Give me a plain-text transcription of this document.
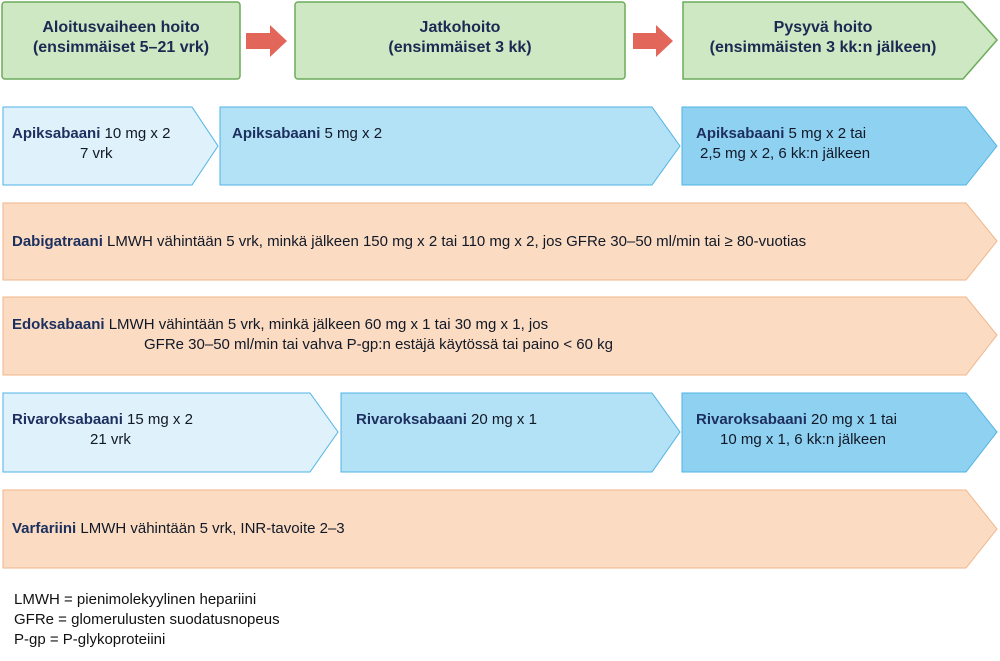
Aloitusvaiheen hoito
(ensimmäiset 5–21 vrk)
Jatkohoito
(ensimmäiset 3 kk)
Pysyvä hoito
(ensimmäisten 3 kk:n jälkeen)
Apiksabaani 10 mg x 2
7 vrk
Apiksabaani 5 mg x 2	Apiksabaani 5 mg x 2 tai
2,5 mg x 2, 6 kk:n jälkeen
Dabigatraani LMWH vähintään 5 vrk, minkä jälkeen 150 mg x 2 tai 110 mg x 2, jos GFRe 30–50 ml/min tai ≥ 80-vuotias
Edoksabaani LMWH vähintään 5 vrk, minkä jälkeen 60 mg x 1 tai 30 mg x 1, jos
GFRe 30–50 ml/min tai vahva P-gp:n estäjä käytössä tai paino < 60 kg
Rivaroksabaani 15 mg x 2
21 vrk
Rivaroksabaani 20 mg x 1	Rivaroksabaani 20 mg x 1 tai
10 mg x 1, 6 kk:n jälkeen
Varfariini LMWH vähintään 5 vrk, INR-tavoite 2–3
LMWH = pienimolekyylinen hepariini
GFRe = glomerulusten suodatusnopeus
P-gp = P-glykoproteiini
